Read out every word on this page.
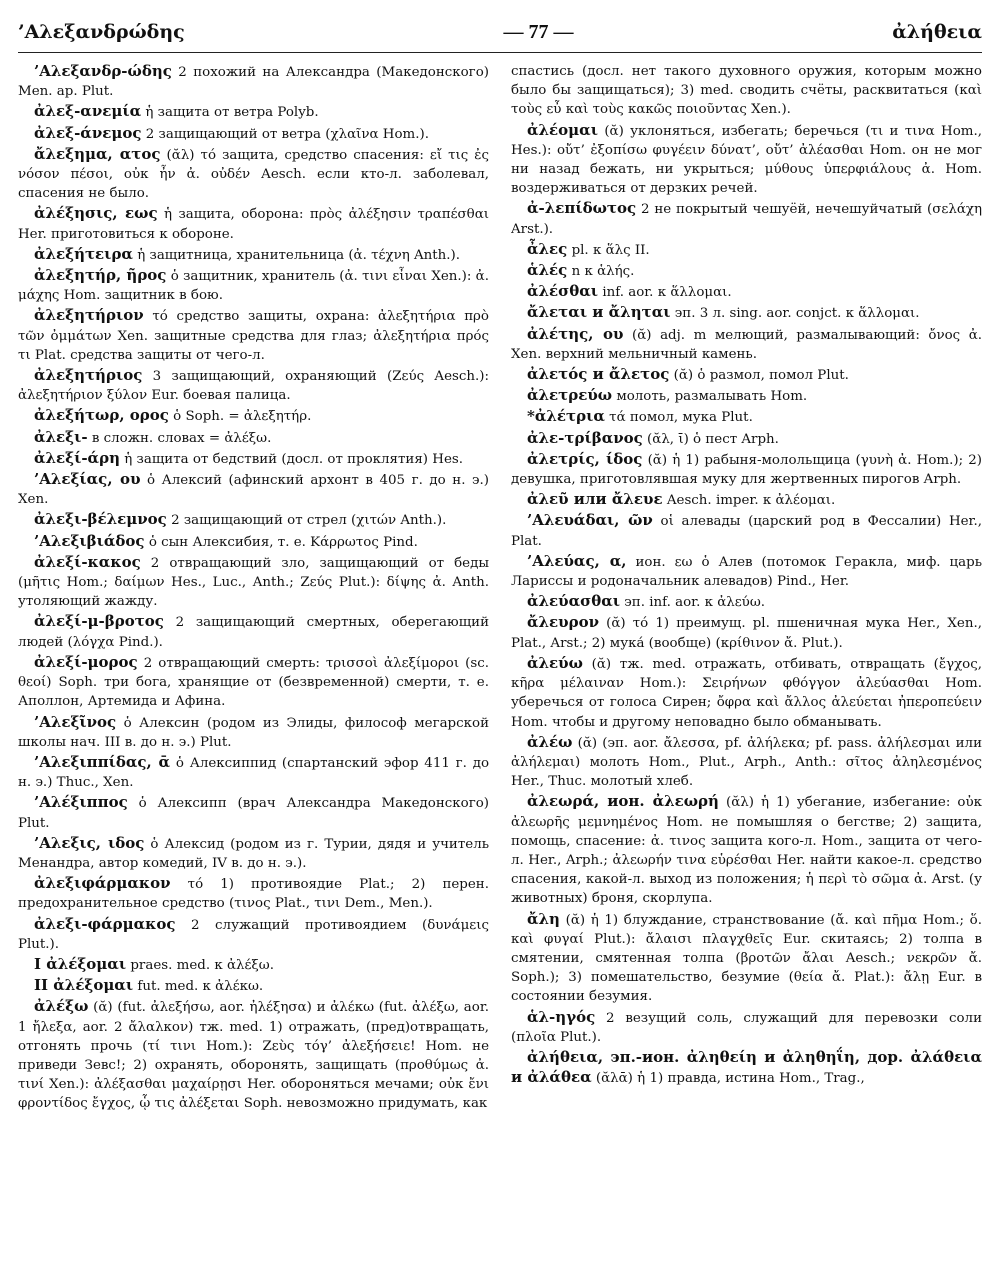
’Αλεξανδρώδης	— 77 —	ἀλήθεια

’Αλεξανδρ-ώδης 2 похожий на Александра (Македонского) Men. ap. Plut.

ἀλεξ-ανεμία ἡ защита от ветра Polyb.

ἀλεξ-άνεμος 2 защищающий от ветра (χλαῖνα Hom.).

ἄλεξημα, ατος (ᾰλ) τό защита, средство спасения: εἴ τις ἐς νόσον πέσοι, οὐκ ἦν ἀ. οὐδέν Aesch. если кто-л. заболевал, спасения не было.

ἀλέξησις, εως ἡ защита, оборона: πρὸς ἀλέξησιν τραπέσθαι Her. приготовиться к обороне.

ἀλεξήτειρα ἡ защитница, хранительница (ἀ. τέχνη Anth.).

ἀλεξητήρ, ῆρος ὁ защитник, хранитель (ἀ. τινι εἶναι Xen.): ἀ. μάχης Hom. защитник в бою.

ἀλεξητήριον τό средство защиты, охрана: ἀλεξητήρια πρὸ τῶν ὀμμάτων Xen. защитные средства для глаз; ἀλεξητήρια πρός τι Plat. средства защиты от чего-л.

ἀλεξητήριος 3 защищающий, охраняющий (Ζεύς Aesch.): ἀλεξητήριον ξύλον Eur. боевая палица.

ἀλεξήτωρ, ορος ὁ Soph. = ἀλεξητήρ.

ἀλεξι- в сложн. словах = ἀλέξω.

ἀλεξί-άρη ἡ защита от бедствий (досл. от проклятия) Hes.

’Αλεξίας, ου ὁ Алексий (афинский архонт в 405 г. до н. э.) Xen.

ἀλεξι-βέλεμνος 2 защищающий от стрел (χιτών Anth.).

’Αλεξιβιάδος ὁ сын Алексибия, т. е. Κάρρωτος Pind.

ἀλεξί-κακος 2 отвращающий зло, защищающий от беды (μῆτις Hom.; δαίμων Hes., Luc., Anth.; Ζεύς Plut.): δίψης ἀ. Anth. утоляющий жажду.

ἀλεξί-μ-βροτος 2 защищающий смертных, оберегающий людей (λόγχα Pind.).

ἀλεξί-μορος 2 отвращающий смерть: τρισσοὶ ἀλεξίμοροι (sc. θεοί) Soph. три бога, хранящие от (безвременной) смерти, т. е. Аполлон, Артемида и Афина.

’Αλεξῖνος ὁ Алексин (родом из Элиды, философ мегарской школы нач. III в. до н. э.) Plut.

’Αλεξιππίδας, ᾱ ὁ Алексиппид (спартанский эфор 411 г. до н. э.) Thuc., Xen.

’Αλέξιππος ὁ Алексипп (врач Александра Македонского) Plut.

’Αλεξις, ιδος ὁ Алексид (родом из г. Турии, дядя и учитель Менандра, автор комедий, IV в. до н. э.).

ἀλεξιφάρμακον τό 1) противоядие Plat.; 2) перен. предохранительное средство (τινος Plat., τινι Dem., Men.).

ἀλεξι-φάρμακος 2 служащий противоядием (δυνάμεις Plut.).

I ἀλέξομαι praes. med. к ἀλέξω.

II ἀλέξομαι fut. med. к ἀλέκω.

ἀλέξω (ᾰ) (fut. ἀλεξήσω, aor. ἠλέξησα) и ἀλέκω (fut. ἀλέξω, aor. 1 ἤλεξα, aor. 2 ἄλαλκον) тж. med. 1) отражать, (пред)отвращать, отгонять прочь (τί τινι Hom.): Ζεὺς τόγ’ ἀλεξήσειε! Hom. не приведи Зевс!; 2) охранять, оборонять, защищать (προθύμως ἀ. τινί Xen.): ἀλέξασθαι μαχαίρῃσι Her. обороняться мечами; οὐκ ἔνι φροντίδος ἔγχος, ᾧ τις ἀλέξεται Soph. невозможно придумать, как

спастись (досл. нет такого духовного оружия, которым можно было бы защищаться); 3) med. сводить счёты, расквитаться (καὶ τοὺς εὖ καὶ τοὺς κακῶς ποιοῦντας Xen.).

ἀλέομαι (ᾰ) уклоняться, избегать; беречься (τι и τινα Hom., Hes.): οὔτ’ ἐξοπίσω φυγέειν δύνατ’, οὔτ’ ἀλέασθαι Hom. он не мог ни назад бежать, ни укрыться; μύθους ὑπερφιάλους ἀ. Hom. воздерживаться от дерзких речей.

ἀ-λεπίδωτος 2 не покрытый чешуёй, нечешуйчатый (σελάχη Arst.).

ἆλες pl. к ἅλς II.

ἁλές n к ἁλής.

ἀλέσθαι inf. aor. к ἅλλομαι.

ἄλεται и ἄληται эп. 3 л. sing. aor. conjct. к ἅλλομαι.

ἀλέτης, ου (ᾰ) adj. m мелющий, размалывающий: ὄνος ἀ. Xen. верхний мельничный камень.

ἀλετός и ἄλετος (ᾰ) ὁ размол, помол Plut.

ἀλετρεύω молоть, размалывать Hom.

*ἀλέτρια τά помол, мука Plut.

ἀλε-τρίβανος (ᾰλ, ῑ) ὁ пест Arph.

ἀλετρίς, ίδος (ᾰ) ἡ 1) рабыня-молольщица (γυνὴ ἀ. Hom.); 2) девушка, приготовлявшая муку для жертвенных пирогов Arph.

ἀλεῦ или ἄλευε Aesch. imper. к ἀλέομαι.

’Αλευάδαι, ῶν οἱ алевады (царский род в Фессалии) Her., Plat.

’Αλεύας, α, ион. εω ὁ Алев (потомок Геракла, миф. царь Ларисcы и родоначальник алевадов) Pind., Her.

ἀλεύασθαι эп. inf. aor. к ἀλεύω.

ἄλευρον (ᾰ) τό 1) преимущ. pl. пшеничная мука Her., Xen., Plat., Arst.; 2) мука́ (вообще) (κρίθινον ἄ. Plut.).

ἀλεύω (ᾰ) тж. med. отражать, отбивать, отвращать (ἔγχος, κῆρα μέλαιναν Hom.): Σειρήνων φθόγγον ἀλεύασθαι Hom. уберечься от голоса Сирен; ὄφρα καὶ ἄλλος ἀλεύεται ἠπεροπεύειν Hom. чтобы и другому неповадно было обманывать.

ἀλέω (ᾰ) (эп. aor. ἄλεσσα, pf. ἀλήλεκα; pf. pass. ἀλήλεσμαι или ἀλήλεμαι) молоть Hom., Plut., Arph., Anth.: σῖτος ἀληλεσμένος Her., Thuc. молотый хлеб.

ἀλεωρά, ион. ἀλεωρή (ᾰλ) ἡ 1) убегание, избегание: οὐκ ἀλεωρῆς μεμνημένος Hom. не помышляя о бегстве; 2) защита, помощь, спасение: ἀ. τινος защита кого-л. Hom., защита от чего-л. Her., Arph.; ἀλεωρήν τινα εὑρέσθαι Her. найти какое-л. средство спасения, какой-л. выход из положения; ἡ περὶ τὸ σῶμα ἀ. Arst. (у животных) броня, скорлупа.

ἄλη (ᾰ) ἡ 1) блуждание, странствование (ἄ. καὶ πῆμα Hom.; ὅ. καὶ φυγαί Plut.): ἄλαισι πλαγχθεῖς Eur. скитаясь; 2) толпа в смятении, смятенная толпа (βροτῶν ἄλαι Aesch.; νεκρῶν ἄ. Soph.); 3) помешательство, безумие (θεία ἄ. Plat.): ἄλῃ Eur. в состоянии безумия.

ἁλ-ηγός 2 везущий соль, служащий для перевозки соли (πλοῖα Plut.).

ἀλήθεια, эп.-ион. ἀληθείη и ἀληθηΐη, дор. ἀλάθεια и ἀλάθεα (ᾰλᾱ) ἡ 1) правда, истина Hom., Trag.,
